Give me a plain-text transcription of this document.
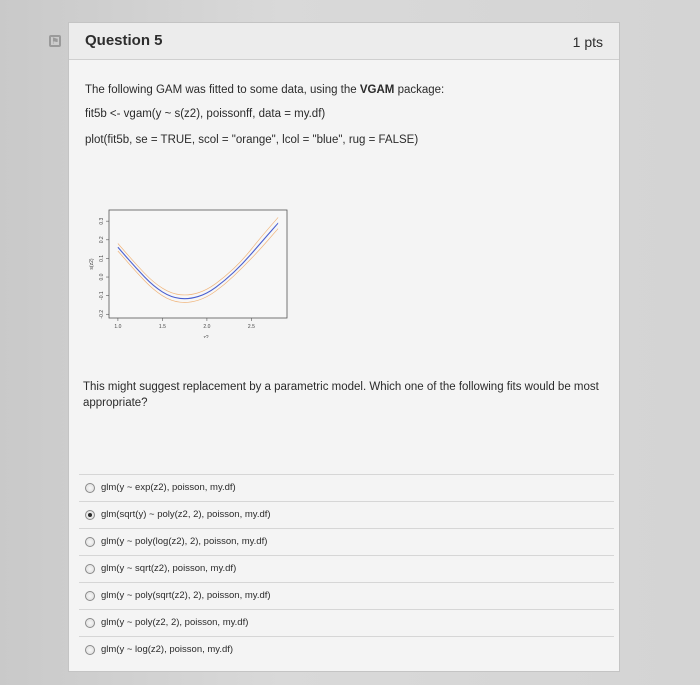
⚑ Question 5	1 pts
The following GAM was fitted to some data, using the VGAM package:
fit5b <- vgam(y ~ s(z2), poissonff, data = my.df)
plot(fit5b, se = TRUE, scol = "orange", lcol = "blue", rug = FALSE)
1.0	1.5	2.0	2.5
-0.2
-0.1
0.0
0.1
0.2
0.3
z2
s(z2)
This might suggest replacement by a parametric model. Which one of the following fits would be most appropriate?
glm(y ~ exp(z2), poisson, my.df)
glm(sqrt(y) ~ poly(z2, 2), poisson, my.df)
glm(y ~ poly(log(z2), 2), poisson, my.df)
glm(y ~ sqrt(z2), poisson, my.df)
glm(y ~ poly(sqrt(z2), 2), poisson, my.df)
glm(y ~ poly(z2, 2), poisson, my.df)
glm(y ~ log(z2), poisson, my.df)
